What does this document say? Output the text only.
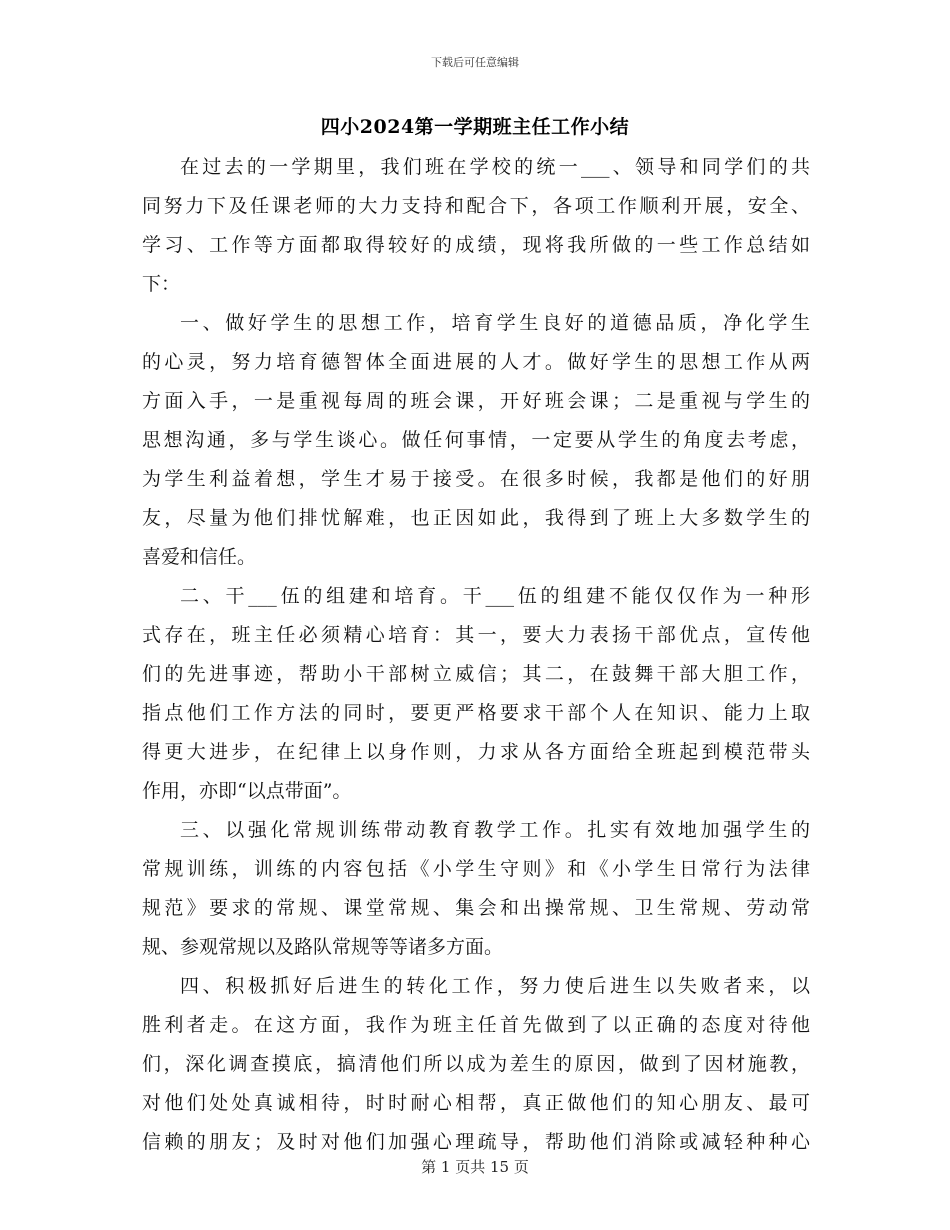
下载后可任意编辑
四小2024第一学期班主任工作小结
在过去的一学期里，我们班在学校的统一___、领导和同学们的共
同努力下及任课老师的大力支持和配合下，各项工作顺利开展，安全、
学习、工作等方面都取得较好的成绩，现将我所做的一些工作总结如
下：
一、做好学生的思想工作，培育学生良好的道德品质，净化学生
的心灵，努力培育德智体全面进展的人才。做好学生的思想工作从两
方面入手，一是重视每周的班会课，开好班会课；二是重视与学生的
思想沟通，多与学生谈心。做任何事情，一定要从学生的角度去考虑，
为学生利益着想，学生才易于接受。在很多时候，我都是他们的好朋
友，尽量为他们排忧解难，也正因如此，我得到了班上大多数学生的
喜爱和信任。
二、干___伍的组建和培育。干___伍的组建不能仅仅作为一种形
式存在，班主任必须精心培育：其一，要大力表扬干部优点，宣传他
们的先进事迹，帮助小干部树立威信；其二，在鼓舞干部大胆工作，
指点他们工作方法的同时，要更严格要求干部个人在知识、能力上取
得更大进步，在纪律上以身作则，力求从各方面给全班起到模范带头
作用，亦即“以点带面”。
三、以强化常规训练带动教育教学工作。扎实有效地加强学生的
常规训练，训练的内容包括《小学生守则》和《小学生日常行为法律
规范》要求的常规、课堂常规、集会和出操常规、卫生常规、劳动常
规、参观常规以及路队常规等等诸多方面。
四、积极抓好后进生的转化工作，努力使后进生以失败者来，以
胜利者走。在这方面，我作为班主任首先做到了以正确的态度对待他
们，深化调查摸底，搞清他们所以成为差生的原因，做到了因材施教，
对他们处处真诚相待，时时耐心相帮，真正做他们的知心朋友、最可
信赖的朋友；及时对他们加强心理疏导，帮助他们消除或减轻种种心
第 1 页共 15 页
